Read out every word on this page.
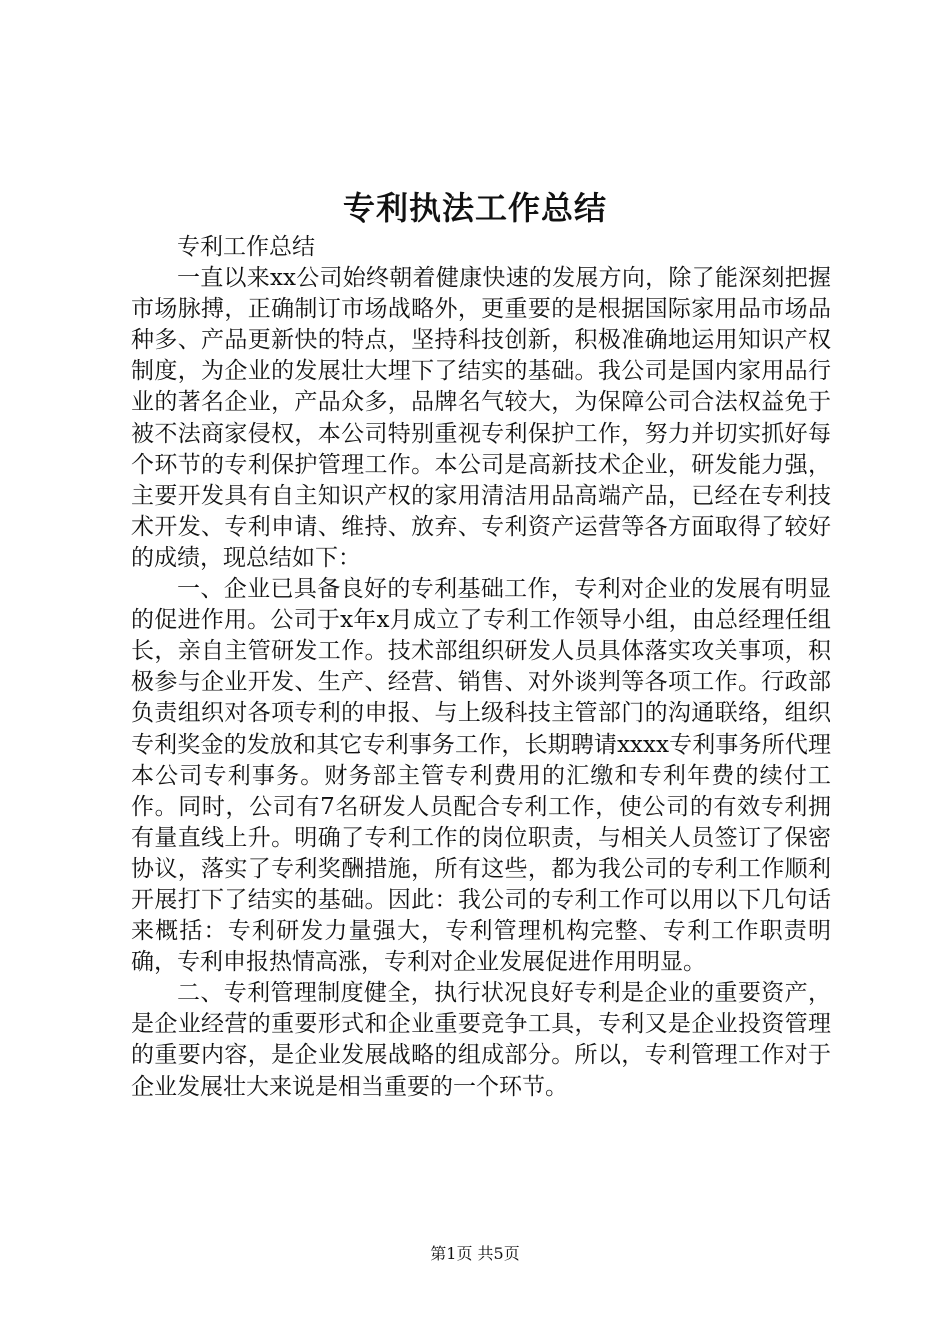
专利执法工作总结

专利工作总结

一直以来xx公司始终朝着健康快速的发展方向，除了能深刻把握市场脉搏，正确制订市场战略外，更重要的是根据国际家用品市场品种多、产品更新快的特点，坚持科技创新，积极准确地运用知识产权制度，为企业的发展壮大埋下了结实的基础。我公司是国内家用品行业的著名企业，产品众多，品牌名气较大，为保障公司合法权益免于被不法商家侵权，本公司特别重视专利保护工作，努力并切实抓好每个环节的专利保护管理工作。本公司是高新技术企业，研发能力强，主要开发具有自主知识产权的家用清洁用品高端产品，已经在专利技术开发、专利申请、维持、放弃、专利资产运营等各方面取得了较好的成绩，现总结如下：

一、企业已具备良好的专利基础工作，专利对企业的发展有明显的促进作用。公司于x年x月成立了专利工作领导小组，由总经理任组长，亲自主管研发工作。技术部组织研发人员具体落实攻关事项，积极参与企业开发、生产、经营、销售、对外谈判等各项工作。行政部负责组织对各项专利的申报、与上级科技主管部门的沟通联络，组织专利奖金的发放和其它专利事务工作，长期聘请xxxx专利事务所代理本公司专利事务。财务部主管专利费用的汇缴和专利年费的续付工作。同时，公司有7名研发人员配合专利工作，使公司的有效专利拥有量直线上升。明确了专利工作的岗位职责，与相关人员签订了保密协议，落实了专利奖酬措施，所有这些，都为我公司的专利工作顺利开展打下了结实的基础。因此：我公司的专利工作可以用以下几句话来概括：专利研发力量强大，专利管理机构完整、专利工作职责明确，专利申报热情高涨，专利对企业发展促进作用明显。

二、专利管理制度健全，执行状况良好专利是企业的重要资产，是企业经营的重要形式和企业重要竞争工具，专利又是企业投资管理的重要内容，是企业发展战略的组成部分。所以，专利管理工作对于企业发展壮大来说是相当重要的一个环节。

第1页 共5页
